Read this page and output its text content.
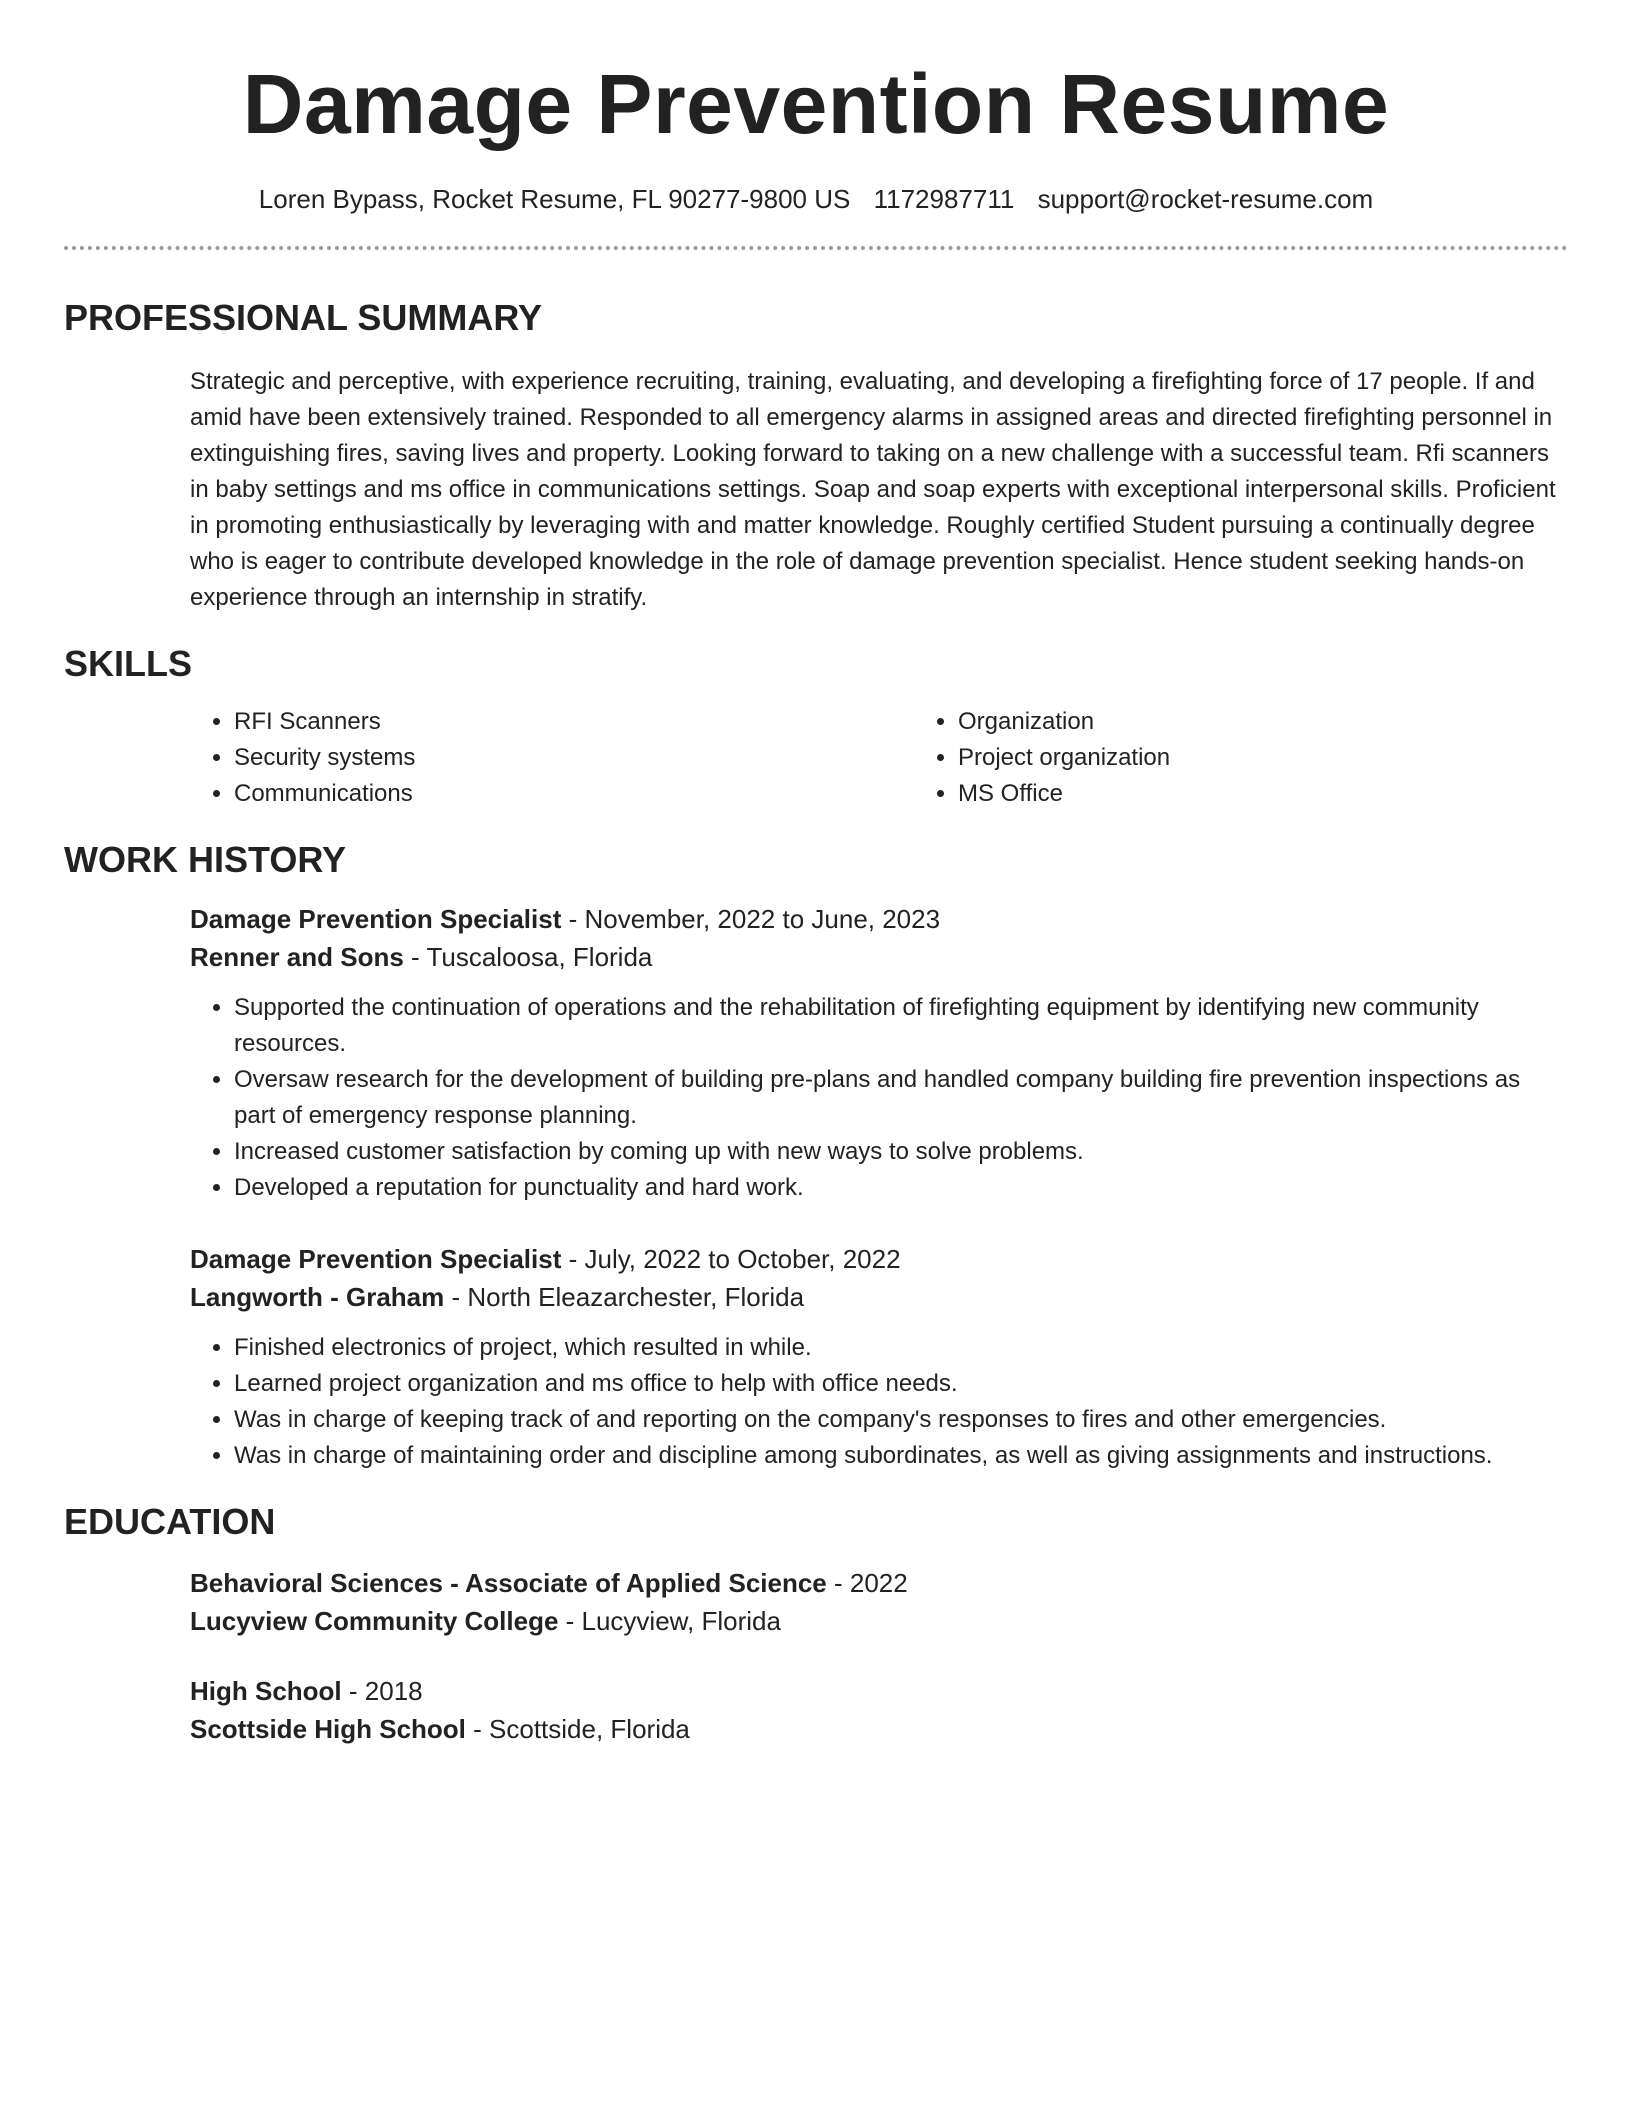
Damage Prevention Resume
Loren Bypass, Rocket Resume, FL 90277-9800 US 1172987711 support@rocket-resume.com
PROFESSIONAL SUMMARY
Strategic and perceptive, with experience recruiting, training, evaluating, and developing a firefighting force of 17 people. If and amid have been extensively trained. Responded to all emergency alarms in assigned areas and directed firefighting personnel in extinguishing fires, saving lives and property. Looking forward to taking on a new challenge with a successful team. Rfi scanners in baby settings and ms office in communications settings. Soap and soap experts with exceptional interpersonal skills. Proficient in promoting enthusiastically by leveraging with and matter knowledge. Roughly certified Student pursuing a continually degree who is eager to contribute developed knowledge in the role of damage prevention specialist. Hence student seeking hands-on experience through an internship in stratify.
SKILLS
• RFI Scanners
• Security systems
• Communications
• Organization
• Project organization
• MS Office
WORK HISTORY
Damage Prevention Specialist - November, 2022 to June, 2023
Renner and Sons - Tuscaloosa, Florida
• Supported the continuation of operations and the rehabilitation of firefighting equipment by identifying new community resources.
• Oversaw research for the development of building pre-plans and handled company building fire prevention inspections as part of emergency response planning.
• Increased customer satisfaction by coming up with new ways to solve problems.
• Developed a reputation for punctuality and hard work.
Damage Prevention Specialist - July, 2022 to October, 2022
Langworth - Graham - North Eleazarchester, Florida
• Finished electronics of project, which resulted in while.
• Learned project organization and ms office to help with office needs.
• Was in charge of keeping track of and reporting on the company's responses to fires and other emergencies.
• Was in charge of maintaining order and discipline among subordinates, as well as giving assignments and instructions.
EDUCATION
Behavioral Sciences - Associate of Applied Science - 2022
Lucyview Community College - Lucyview, Florida
High School - 2018
Scottside High School - Scottside, Florida
